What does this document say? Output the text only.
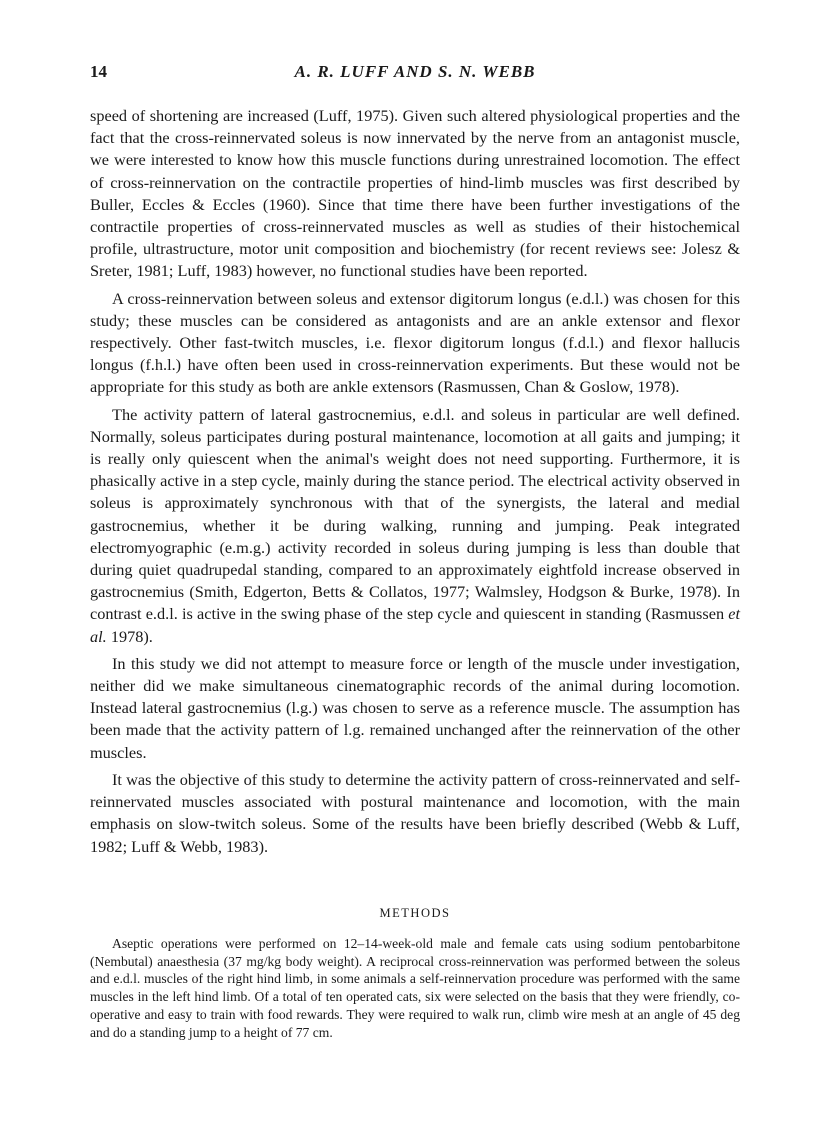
14	A. R. LUFF AND S. N. WEBB

speed of shortening are increased (Luff, 1975). Given such altered physiological properties and the fact that the cross-reinnervated soleus is now innervated by the nerve from an antagonist muscle, we were interested to know how this muscle functions during unrestrained locomotion. The effect of cross-reinnervation on the contractile properties of hind-limb muscles was first described by Buller, Eccles & Eccles (1960). Since that time there have been further investigations of the contractile properties of cross-reinnervated muscles as well as studies of their histochemical profile, ultrastructure, motor unit composition and biochemistry (for recent reviews see: Jolesz & Sreter, 1981; Luff, 1983) however, no functional studies have been reported.

A cross-reinnervation between soleus and extensor digitorum longus (e.d.l.) was chosen for this study; these muscles can be considered as antagonists and are an ankle extensor and flexor respectively. Other fast-twitch muscles, i.e. flexor digitorum longus (f.d.l.) and flexor hallucis longus (f.h.l.) have often been used in cross-reinnervation experiments. But these would not be appropriate for this study as both are ankle extensors (Rasmussen, Chan & Goslow, 1978).

The activity pattern of lateral gastrocnemius, e.d.l. and soleus in particular are well defined. Normally, soleus participates during postural maintenance, locomotion at all gaits and jumping; it is really only quiescent when the animal's weight does not need supporting. Furthermore, it is phasically active in a step cycle, mainly during the stance period. The electrical activity observed in soleus is approximately synchronous with that of the synergists, the lateral and medial gastrocnemius, whether it be during walking, running and jumping. Peak integrated electromyographic (e.m.g.) activity recorded in soleus during jumping is less than double that during quiet quadrupedal standing, compared to an approximately eightfold increase observed in gastrocnemius (Smith, Edgerton, Betts & Collatos, 1977; Walmsley, Hodgson & Burke, 1978). In contrast e.d.l. is active in the swing phase of the step cycle and quiescent in standing (Rasmussen et al. 1978).

In this study we did not attempt to measure force or length of the muscle under investigation, neither did we make simultaneous cinematographic records of the animal during locomotion. Instead lateral gastrocnemius (l.g.) was chosen to serve as a reference muscle. The assumption has been made that the activity pattern of l.g. remained unchanged after the reinnervation of the other muscles.

It was the objective of this study to determine the activity pattern of cross-reinnervated and self-reinnervated muscles associated with postural maintenance and locomotion, with the main emphasis on slow-twitch soleus. Some of the results have been briefly described (Webb & Luff, 1982; Luff & Webb, 1983).

METHODS

Aseptic operations were performed on 12–14-week-old male and female cats using sodium pentobarbitone (Nembutal) anaesthesia (37 mg/kg body weight). A reciprocal cross-reinnervation was performed between the soleus and e.d.l. muscles of the right hind limb, in some animals a self-reinnervation procedure was performed with the same muscles in the left hind limb. Of a total of ten operated cats, six were selected on the basis that they were friendly, co-operative and easy to train with food rewards. They were required to walk run, climb wire mesh at an angle of 45 deg and do a standing jump to a height of 77 cm.
